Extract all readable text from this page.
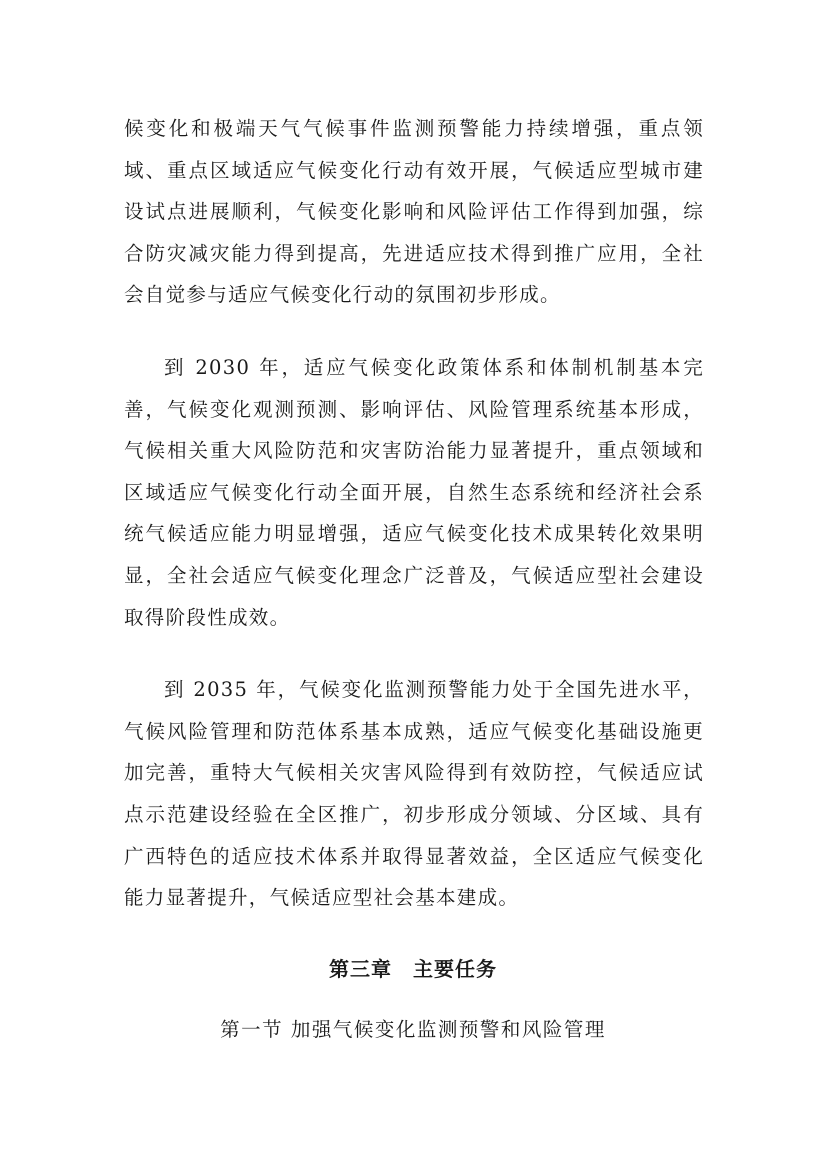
候变化和极端天气气候事件监测预警能力持续增强，重点领域、重点区域适应气候变化行动有效开展，气候适应型城市建设试点进展顺利，气候变化影响和风险评估工作得到加强，综合防灾减灾能力得到提高，先进适应技术得到推广应用，全社会自觉参与适应气候变化行动的氛围初步形成。

到 2030 年，适应气候变化政策体系和体制机制基本完善，气候变化观测预测、影响评估、风险管理系统基本形成，气候相关重大风险防范和灾害防治能力显著提升，重点领域和区域适应气候变化行动全面开展，自然生态系统和经济社会系统气候适应能力明显增强，适应气候变化技术成果转化效果明显，全社会适应气候变化理念广泛普及，气候适应型社会建设取得阶段性成效。

到 2035 年，气候变化监测预警能力处于全国先进水平，气候风险管理和防范体系基本成熟，适应气候变化基础设施更加完善，重特大气候相关灾害风险得到有效防控，气候适应试点示范建设经验在全区推广，初步形成分领域、分区域、具有广西特色的适应技术体系并取得显著效益，全区适应气候变化能力显著提升，气候适应型社会基本建成。

第三章　主要任务
第一节 加强气候变化监测预警和风险管理
